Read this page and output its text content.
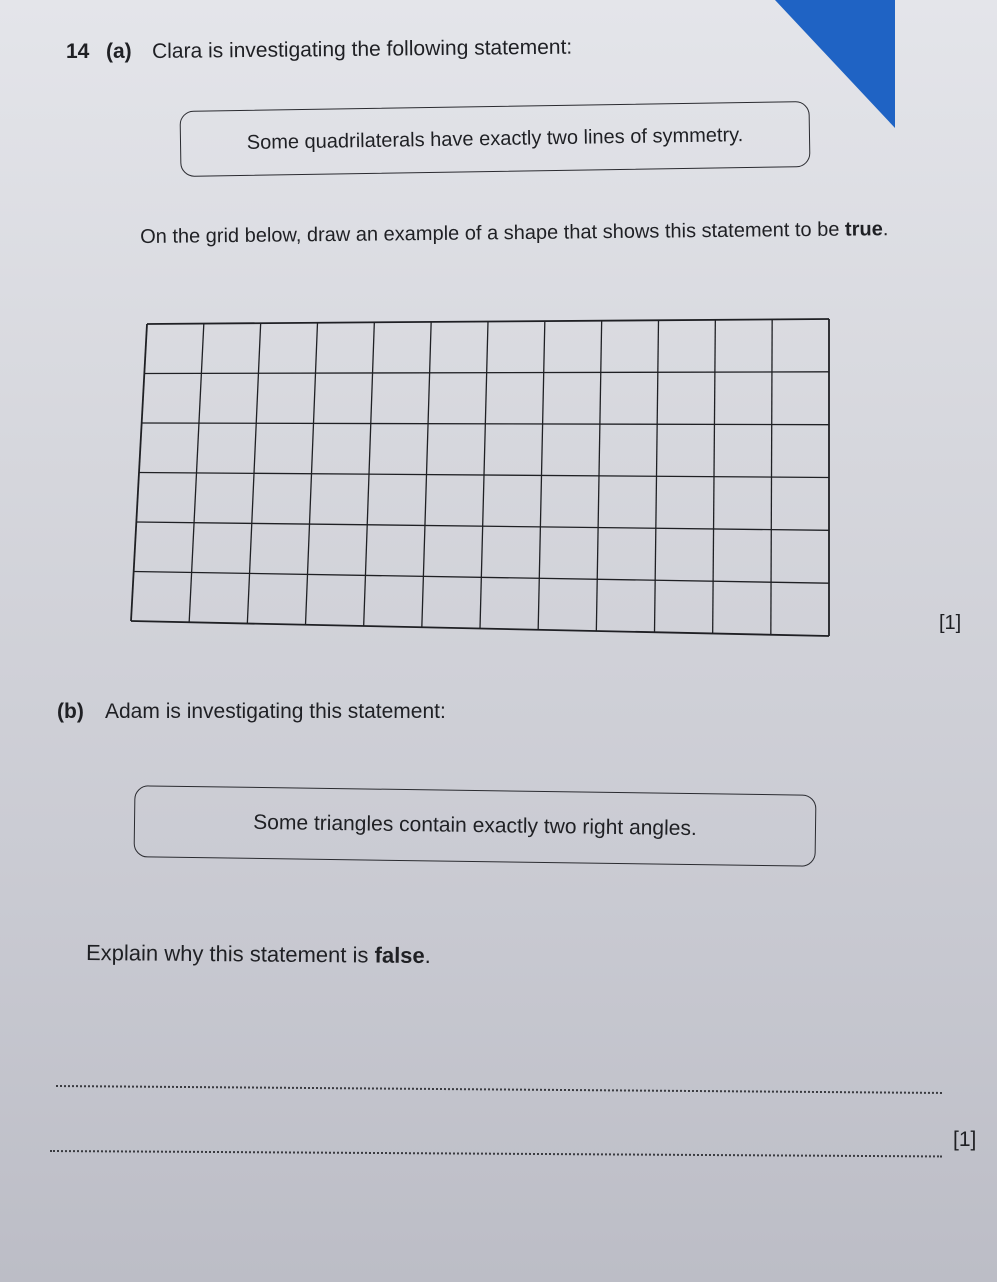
14 (a) Clara is investigating the following statement:
Some quadrilaterals have exactly two lines of symmetry.
On the grid below, draw an example of a shape that shows this statement to be true.
[1]
(b) Adam is investigating this statement:
Some triangles contain exactly two right angles.
Explain why this statement is false.
[1]
